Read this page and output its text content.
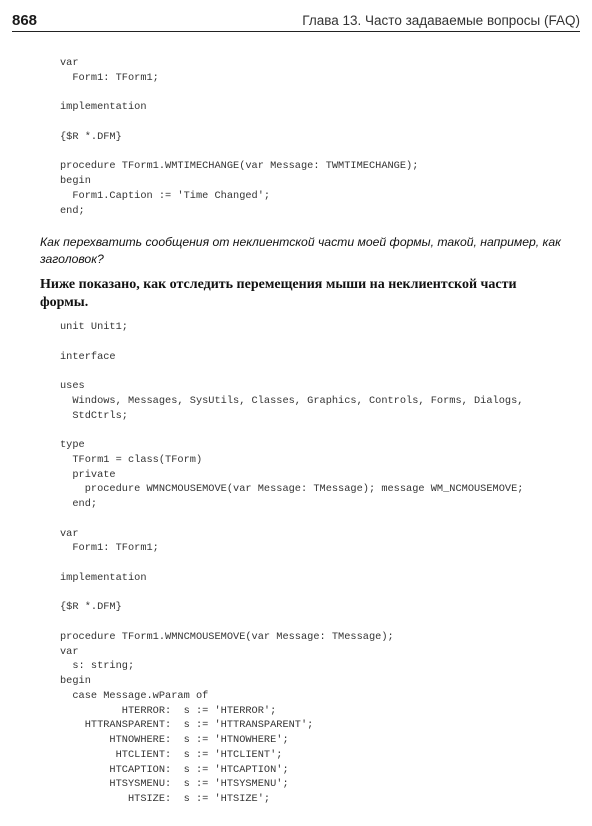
868	Глава 13. Часто задаваемые вопросы (FAQ)
var
Form1: TForm1;
implementation
{$R *.DFM}
procedure TForm1.WMTIMECHANGE(var Message: TWMTIMECHANGE);
begin
Form1.Caption := 'Time Changed';
end;
Как перехватить сообщения от неклиентской части моей формы, такой, например, как заголовок?
Ниже показано, как отследить перемещения мыши на неклиентской части формы.
unit Unit1;
interface
uses
Windows, Messages, SysUtils, Classes, Graphics, Controls, Forms, Dialogs,
StdCtrls;
type
TForm1 = class(TForm)
private
procedure WMNCMOUSEMOVE(var Message: TMessage); message WM_NCMOUSEMOVE;
end;
var
Form1: TForm1;
implementation
{$R *.DFM}
procedure TForm1.WMNCMOUSEMOVE(var Message: TMessage);
var
s: string;
begin
case Message.wParam of
HTERROR:  s := 'HTERROR';
HTTRANSPARENT:  s := 'HTTRANSPARENT';
HTNOWHERE:  s := 'HTNOWHERE';
HTCLIENT:  s := 'HTCLIENT';
HTCAPTION:  s := 'HTCAPTION';
HTSYSMENU:  s := 'HTSYSMENU';
HTSIZE:  s := 'HTSIZE';
